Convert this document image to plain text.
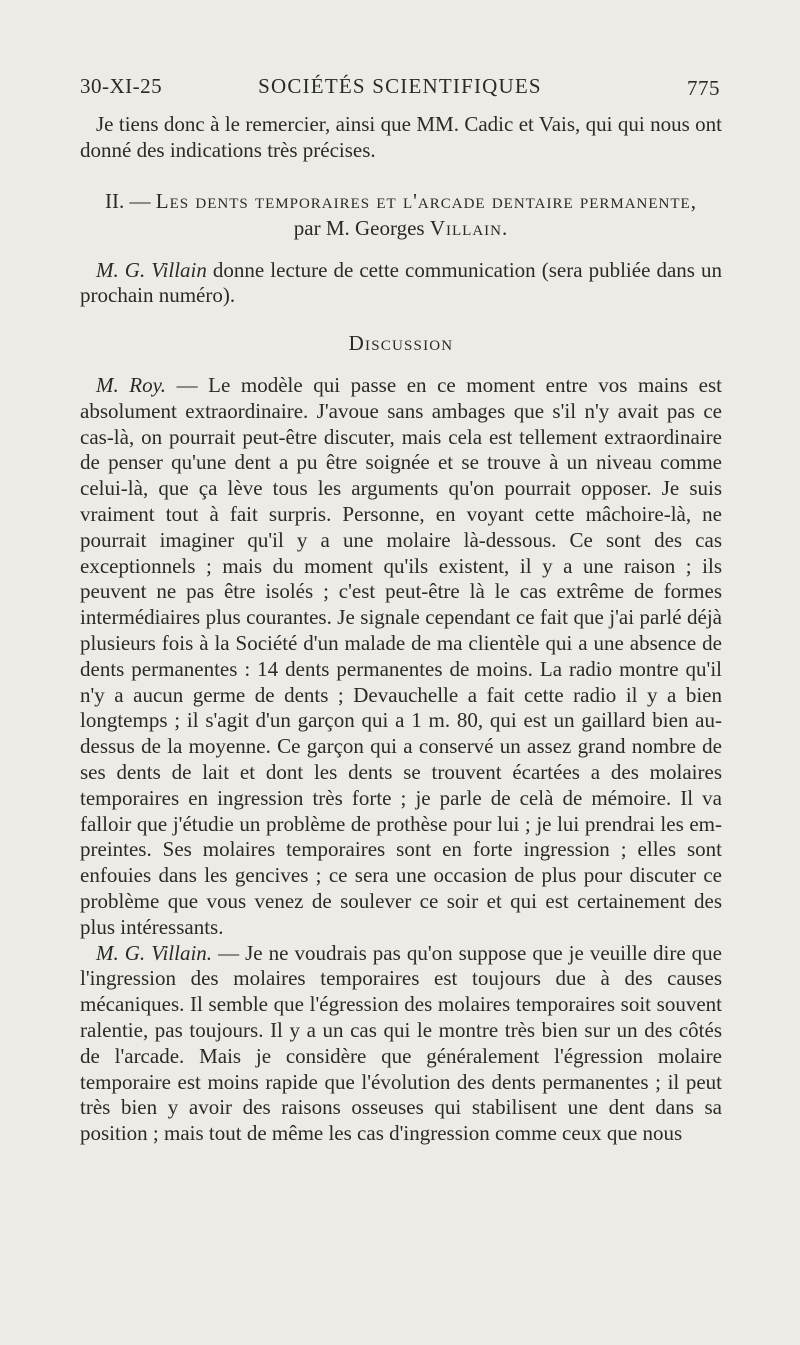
30-XI-25	SOCIÉTÉS SCIENTIFIQUES	775

Je tiens donc à le remercier, ainsi que MM. Cadic et Vais, qui qui nous ont donné des indications très précises.

II. — Les dents temporaires et l'arcade dentaire permanente, par M. Georges Villain.

M. G. Villain donne lecture de cette communication (sera publiée dans un prochain numéro).

Discussion

M. Roy. — Le modèle qui passe en ce moment entre vos mains est absolument extraordinaire. J'avoue sans ambages que s'il n'y avait pas ce cas-là, on pourrait peut-être discuter, mais cela est tellement extraordinaire de penser qu'une dent a pu être soignée et se trouve à un niveau comme celui-là, que ça lève tous les arguments qu'on pourrait opposer. Je suis vraiment tout à fait surpris. Personne, en voyant cette mâchoire-là, ne pourrait imaginer qu'il y a une molaire là-dessous. Ce sont des cas exceptionnels ; mais du moment qu'ils existent, il y a une raison ; ils peuvent ne pas être isolés ; c'est peut-être là le cas extrême de formes intermédiaires plus courantes. Je signale cependant ce fait que j'ai parlé déjà plusieurs fois à la Société d'un malade de ma clientèle qui a une absence de dents permanentes : 14 dents permanentes de moins. La radio montre qu'il n'y a aucun germe de dents ; Devauchelle a fait cette radio il y a bien longtemps ; il s'agit d'un garçon qui a 1 m. 80, qui est un gaillard bien au-dessus de la moyenne. Ce garçon qui a conservé un assez grand nombre de ses dents de lait et dont les dents se trouvent écartées a des molaires temporaires en ingression très forte ; je parle de celà de mémoire. Il va falloir que j'étudie un problème de prothèse pour lui ; je lui prendrai les empreintes. Ses molaires temporaires sont en forte ingression ; elles sont enfouies dans les gencives ; ce sera une occasion de plus pour discuter ce problème que vous venez de soulever ce soir et qui est certainement des plus intéressants.

M. G. Villain. — Je ne voudrais pas qu'on suppose que je veuille dire que l'ingression des molaires temporaires est toujours due à des causes mécaniques. Il semble que l'égression des molaires temporaires soit souvent ralentie, pas toujours. Il y a un cas qui le montre très bien sur un des côtés de l'arcade. Mais je considère que généralement l'égression molaire temporaire est moins rapide que l'évolution des dents permanentes ; il peut très bien y avoir des raisons osseuses qui stabilisent une dent dans sa position ; mais tout de même les cas d'ingression comme ceux que nous
